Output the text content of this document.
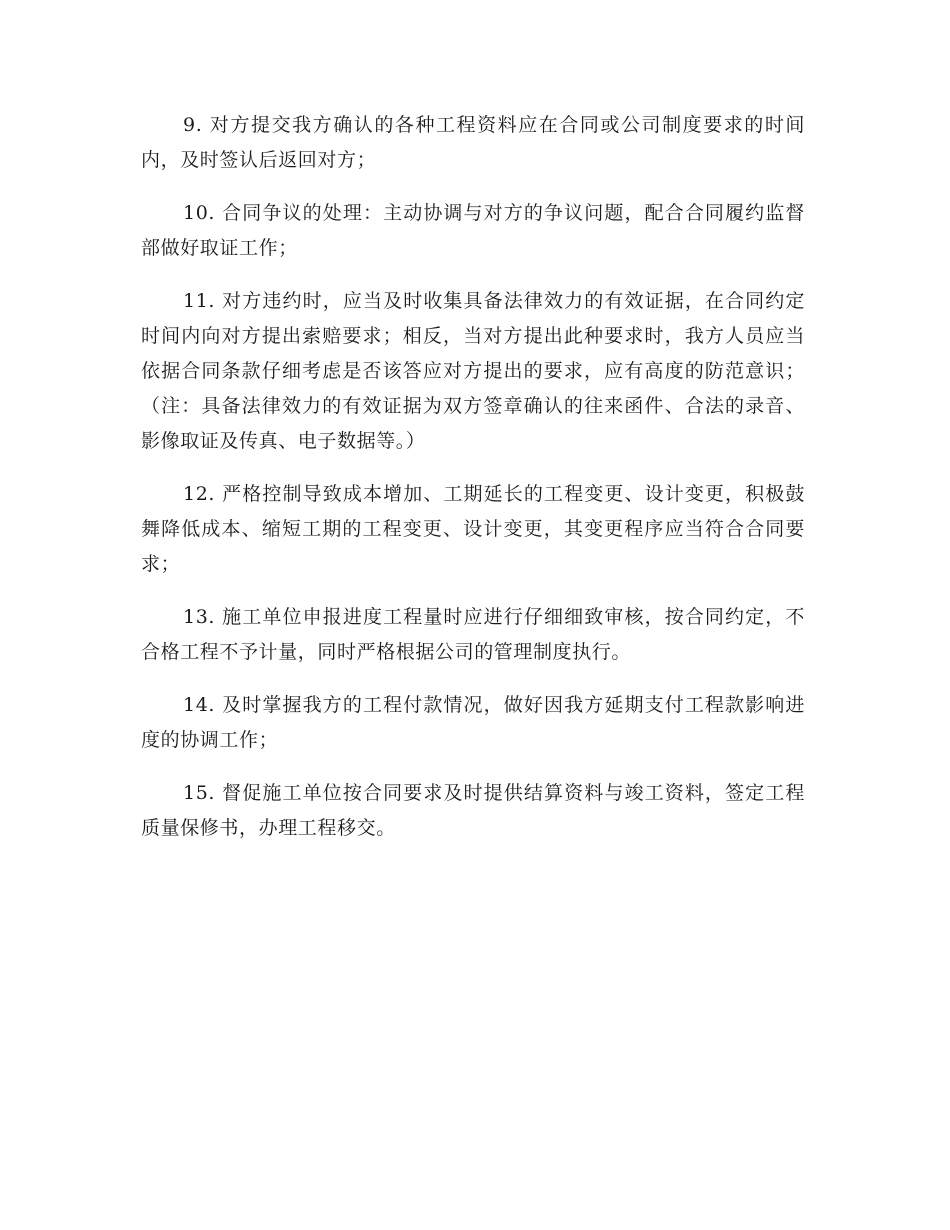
9. 对方提交我方确认的各种工程资料应在合同或公司制度要求的时间内，及时签认后返回对方；

10. 合同争议的处理：主动协调与对方的争议问题，配合合同履约监督部做好取证工作；

11. 对方违约时，应当及时收集具备法律效力的有效证据，在合同约定时间内向对方提出索赔要求；相反，当对方提出此种要求时，我方人员应当依据合同条款仔细考虑是否该答应对方提出的要求，应有高度的防范意识；（注：具备法律效力的有效证据为双方签章确认的往来函件、合法的录音、影像取证及传真、电子数据等。）

12. 严格控制导致成本增加、工期延长的工程变更、设计变更，积极鼓舞降低成本、缩短工期的工程变更、设计变更，其变更程序应当符合合同要求；

13. 施工单位申报进度工程量时应进行仔细细致审核，按合同约定，不合格工程不予计量，同时严格根据公司的管理制度执行。

14. 及时掌握我方的工程付款情况，做好因我方延期支付工程款影响进度的协调工作；

15. 督促施工单位按合同要求及时提供结算资料与竣工资料，签定工程质量保修书，办理工程移交。
